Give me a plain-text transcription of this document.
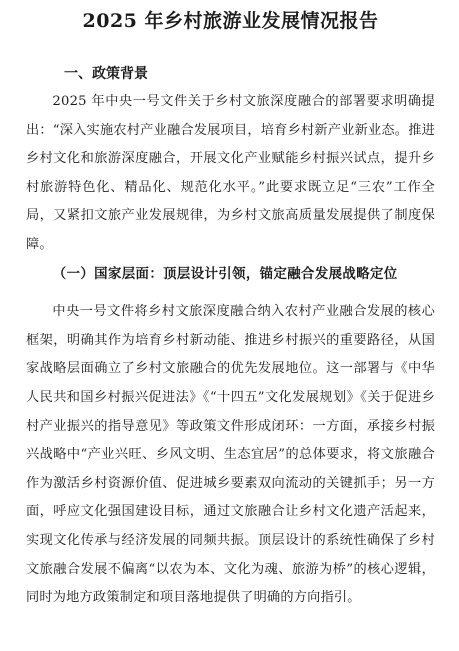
2025 年乡村旅游业发展情况报告
一、政策背景

2025 年中央一号文件关于乡村文旅深度融合的部署要求明确提出：“深入实施农村产业融合发展项目，培育乡村新产业新业态。推进乡村文化和旅游深度融合，开展文化产业赋能乡村振兴试点，提升乡村旅游特色化、精品化、规范化水平。”此要求既立足“三农”工作全局，又紧扣文旅产业发展规律，为乡村文旅高质量发展提供了制度保障。

（一）国家层面：顶层设计引领，锚定融合发展战略定位

中央一号文件将乡村文旅深度融合纳入农村产业融合发展的核心框架，明确其作为培育乡村新动能、推进乡村振兴的重要路径，从国家战略层面确立了乡村文旅融合的优先发展地位。这一部署与《中华人民共和国乡村振兴促进法》《“十四五”文化发展规划》《关于促进乡村产业振兴的指导意见》等政策文件形成闭环：一方面，承接乡村振兴战略中“产业兴旺、乡风文明、生态宜居”的总体要求，将文旅融合作为激活乡村资源价值、促进城乡要素双向流动的关键抓手；另一方面，呼应文化强国建设目标，通过文旅融合让乡村文化遗产活起来，实现文化传承与经济发展的同频共振。顶层设计的系统性确保了乡村文旅融合发展不偏离“以农为本、文化为魂、旅游为桥”的核心逻辑，同时为地方政策制定和项目落地提供了明确的方向指引。
